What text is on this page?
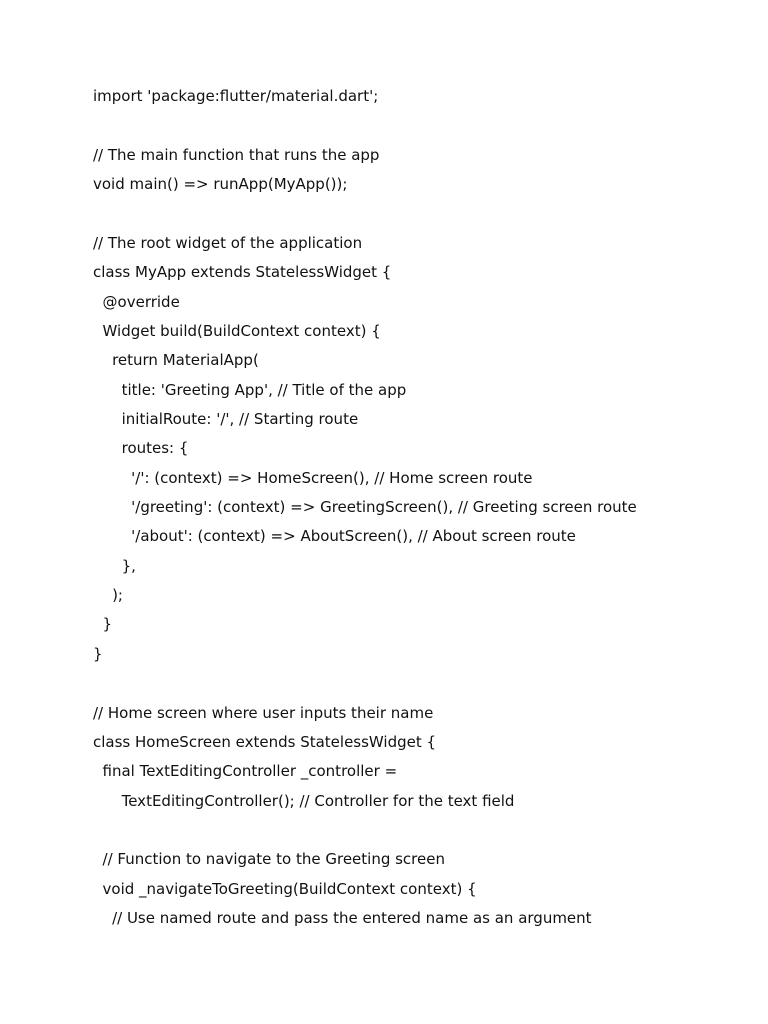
import 'package:flutter/material.dart';
// The main function that runs the app
void main() => runApp(MyApp());
// The root widget of the application
class MyApp extends StatelessWidget {
@override
Widget build(BuildContext context) {
return MaterialApp(
title: 'Greeting App', // Title of the app
initialRoute: '/', // Starting route
routes: {
'/': (context) => HomeScreen(), // Home screen route
'/greeting': (context) => GreetingScreen(), // Greeting screen route
'/about': (context) => AboutScreen(), // About screen route
},
);
}
}
// Home screen where user inputs their name
class HomeScreen extends StatelessWidget {
final TextEditingController _controller =
TextEditingController(); // Controller for the text field
// Function to navigate to the Greeting screen
void _navigateToGreeting(BuildContext context) {
// Use named route and pass the entered name as an argument
